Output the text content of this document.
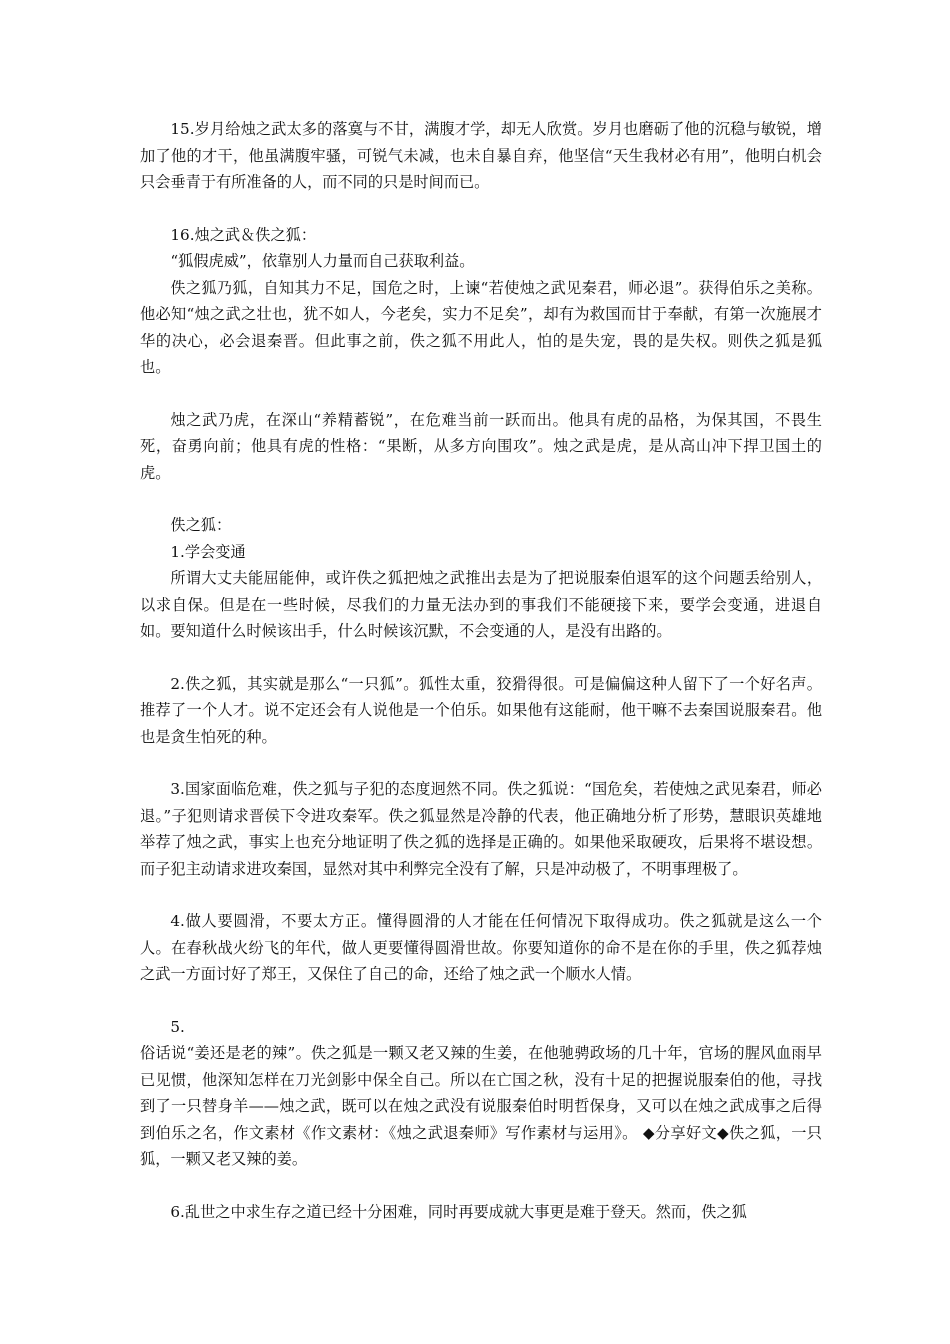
15.岁月给烛之武太多的落寞与不甘，满腹才学，却无人欣赏。岁月也磨砺了他的沉稳与敏锐，增加了他的才干，他虽满腹牢骚，可锐气未减，也未自暴自弃，他坚信“天生我材必有用”，他明白机会只会垂青于有所准备的人，而不同的只是时间而已。

16.烛之武＆佚之狐：

“狐假虎威”，依靠别人力量而自己获取利益。

佚之狐乃狐，自知其力不足，国危之时，上谏“若使烛之武见秦君，师必退”。获得伯乐之美称。他必知“烛之武之壮也，犹不如人，今老矣，实力不足矣”，却有为救国而甘于奉献，有第一次施展才华的决心，必会退秦晋。但此事之前，佚之狐不用此人，怕的是失宠，畏的是失权。则佚之狐是狐也。

烛之武乃虎，在深山“养精蓄锐”，在危难当前一跃而出。他具有虎的品格，为保其国，不畏生死，奋勇向前；他具有虎的性格：“果断，从多方向围攻”。烛之武是虎，是从高山冲下捍卫国土的虎。

佚之狐：

1.学会变通

所谓大丈夫能屈能伸，或许佚之狐把烛之武推出去是为了把说服秦伯退军的这个问题丢给别人，以求自保。但是在一些时候，尽我们的力量无法办到的事我们不能硬接下来，要学会变通，进退自如。要知道什么时候该出手，什么时候该沉默，不会变通的人，是没有出路的。

2.佚之狐，其实就是那么“一只狐”。狐性太重，狡猾得很。可是偏偏这种人留下了一个好名声。推荐了一个人才。说不定还会有人说他是一个伯乐。如果他有这能耐，他干嘛不去秦国说服秦君。他也是贪生怕死的种。

3.国家面临危难，佚之狐与子犯的态度迥然不同。佚之狐说：“国危矣，若使烛之武见秦君，师必退。”子犯则请求晋侯下令进攻秦军。佚之狐显然是冷静的代表，他正确地分析了形势，慧眼识英雄地举荐了烛之武，事实上也充分地证明了佚之狐的选择是正确的。如果他采取硬攻，后果将不堪设想。而子犯主动请求进攻秦国，显然对其中利弊完全没有了解，只是冲动极了，不明事理极了。

4.做人要圆滑，不要太方正。懂得圆滑的人才能在任何情况下取得成功。佚之狐就是这么一个人。在春秋战火纷飞的年代，做人更要懂得圆滑世故。你要知道你的命不是在你的手里，佚之狐荐烛之武一方面讨好了郑王，又保住了自己的命，还给了烛之武一个顺水人情。

5.

俗话说“姜还是老的辣”。佚之狐是一颗又老又辣的生姜，在他驰骋政场的几十年，官场的腥风血雨早已见惯，他深知怎样在刀光剑影中保全自己。所以在亡国之秋，没有十足的把握说服秦伯的他，寻找到了一只替身羊——烛之武，既可以在烛之武没有说服秦伯时明哲保身，又可以在烛之武成事之后得到伯乐之名，作文素材《作文素材：《烛之武退秦师》写作素材与运用》。 ◆分享好文◆佚之狐，一只狐，一颗又老又辣的姜。

6.乱世之中求生存之道已经十分困难，同时再要成就大事更是难于登天。然而，佚之狐
